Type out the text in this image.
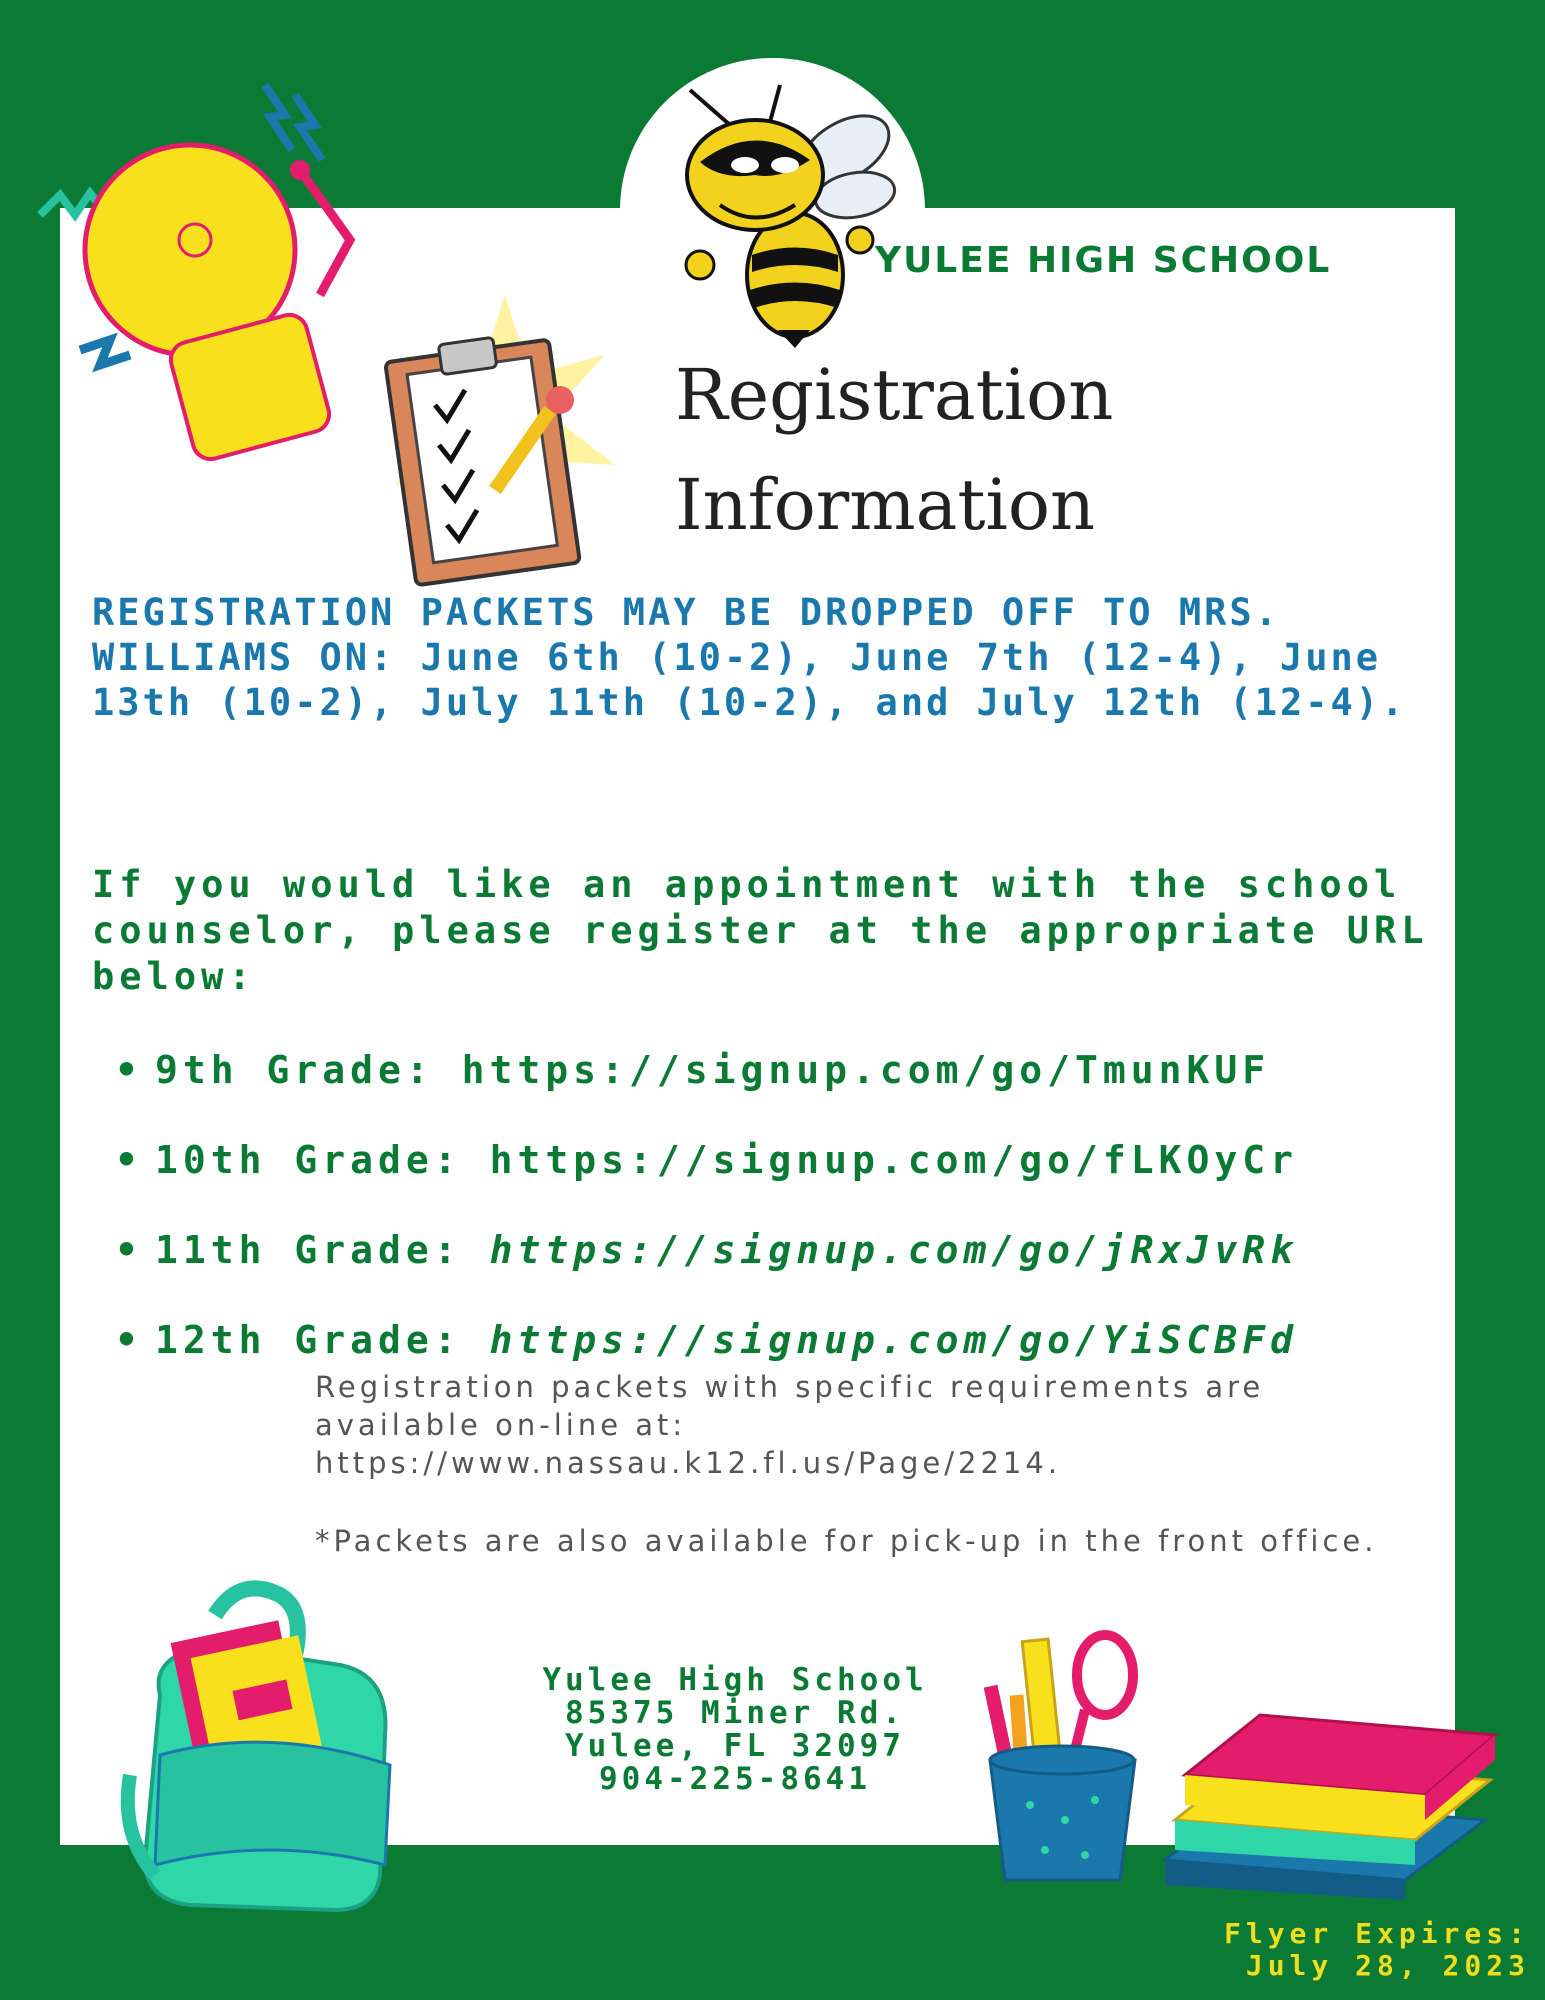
YULEE HIGH SCHOOL
Registration
Information

REGISTRATION PACKETS MAY BE DROPPED OFF TO MRS. WILLIAMS ON: June 6th (10-2), June 7th (12-4), June 13th (10-2), July 11th (10-2), and July 12th (12-4).

If you would like an appointment with the school counselor, please register at the appropriate URL below:

• 9th Grade: https://signup.com/go/TmunKUF
• 10th Grade: https://signup.com/go/fLKOyCr
• 11th Grade: https://signup.com/go/jRxJvRk
• 12th Grade: https://signup.com/go/YiSCBFd

Registration packets with specific requirements are available on-line at: https://www.nassau.k12.fl.us/Page/2214.

*Packets are also available for pick-up in the front office.

Yulee High School
85375 Miner Rd.
Yulee, FL 32097
904-225-8641
Flyer Expires:
July 28, 2023
